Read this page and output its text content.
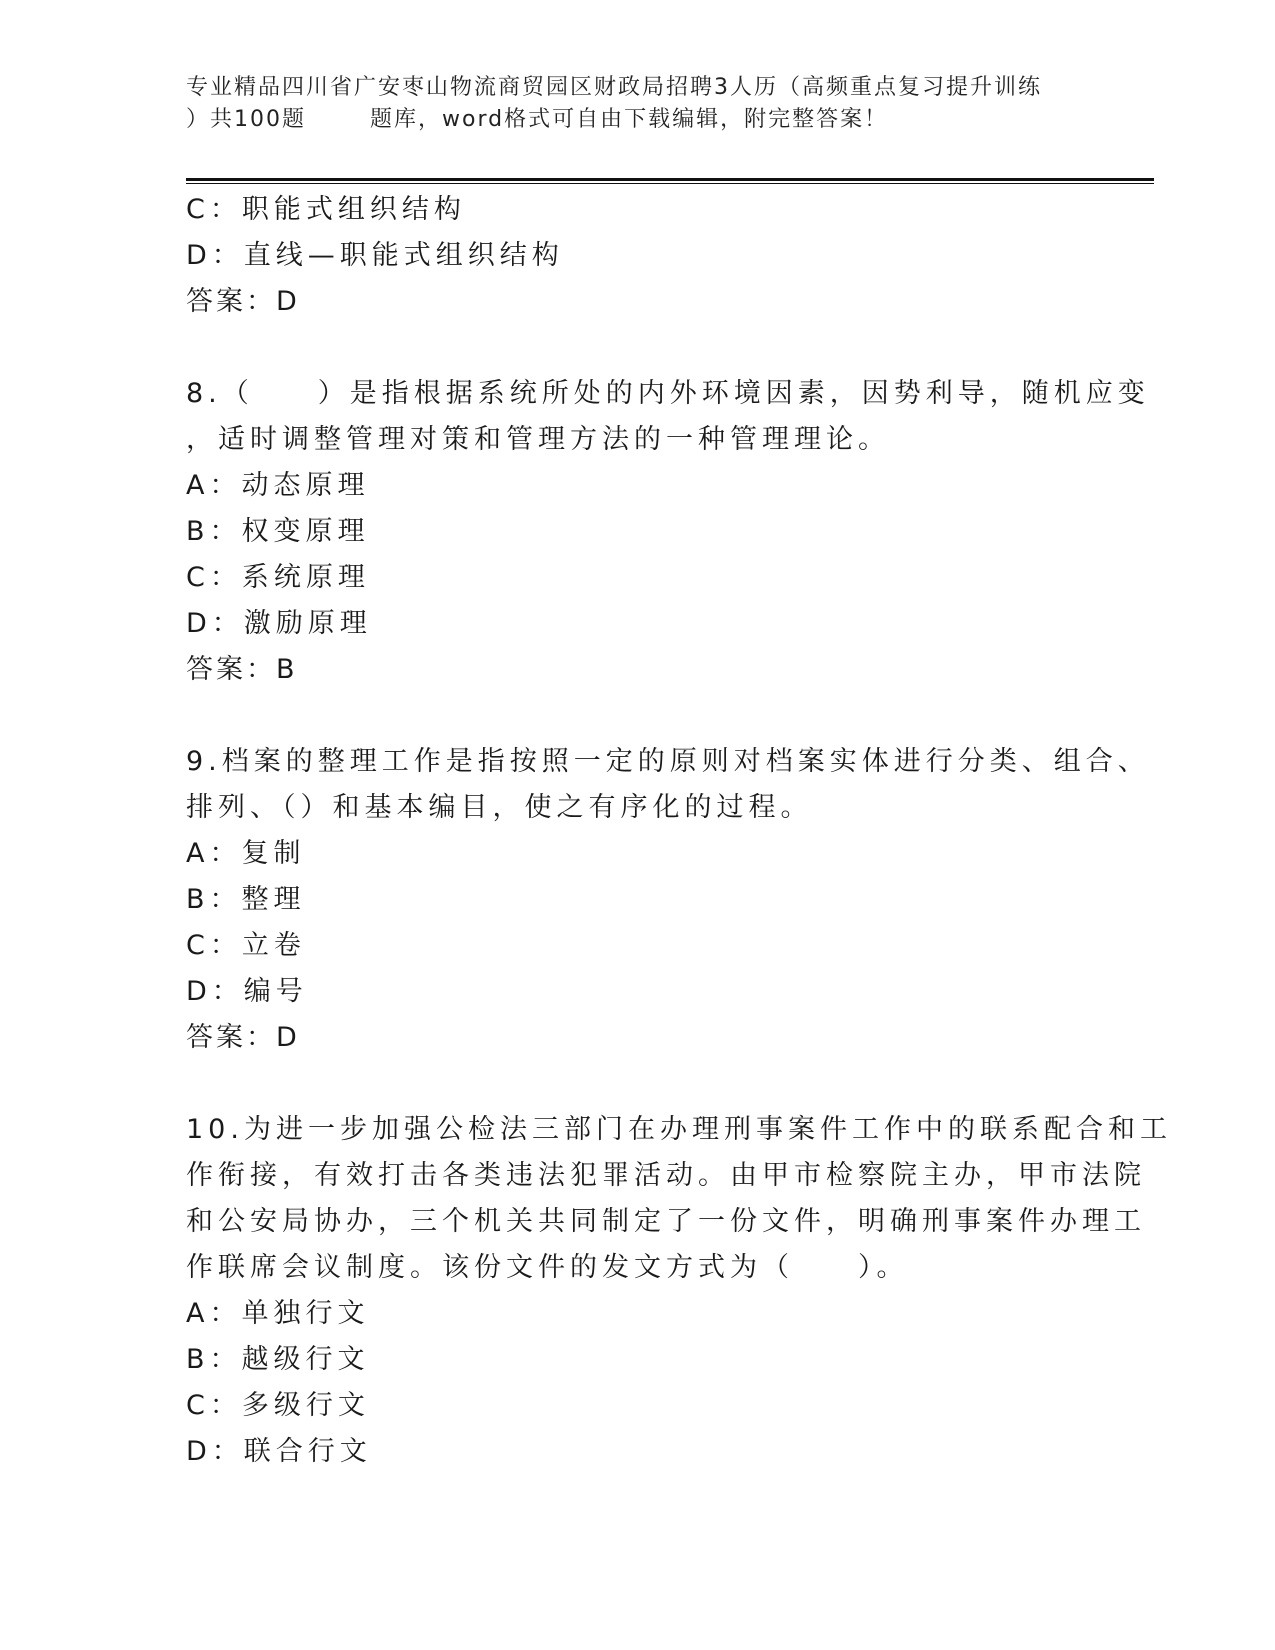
专业精品四川省广安枣山物流商贸园区财政局招聘3人历（高频重点复习提升训练
）共100题	题库，word格式可自由下载编辑，附完整答案！
C：职能式组织结构
D：直线—职能式组织结构
答案：D
8.（　　）是指根据系统所处的内外环境因素，因势利导，随机应变
，适时调整管理对策和管理方法的一种管理理论。
A：动态原理
B：权变原理
C：系统原理
D：激励原理
答案：B
9.档案的整理工作是指按照一定的原则对档案实体进行分类、组合、
排列、（）和基本编目，使之有序化的过程。
A：复制
B：整理
C：立卷
D：编号
答案：D
10.为进一步加强公检法三部门在办理刑事案件工作中的联系配合和工
作衔接，有效打击各类违法犯罪活动。由甲市检察院主办，甲市法院
和公安局协办，三个机关共同制定了一份文件，明确刑事案件办理工
作联席会议制度。该份文件的发文方式为（　　）。
A：单独行文
B：越级行文
C：多级行文
D：联合行文
